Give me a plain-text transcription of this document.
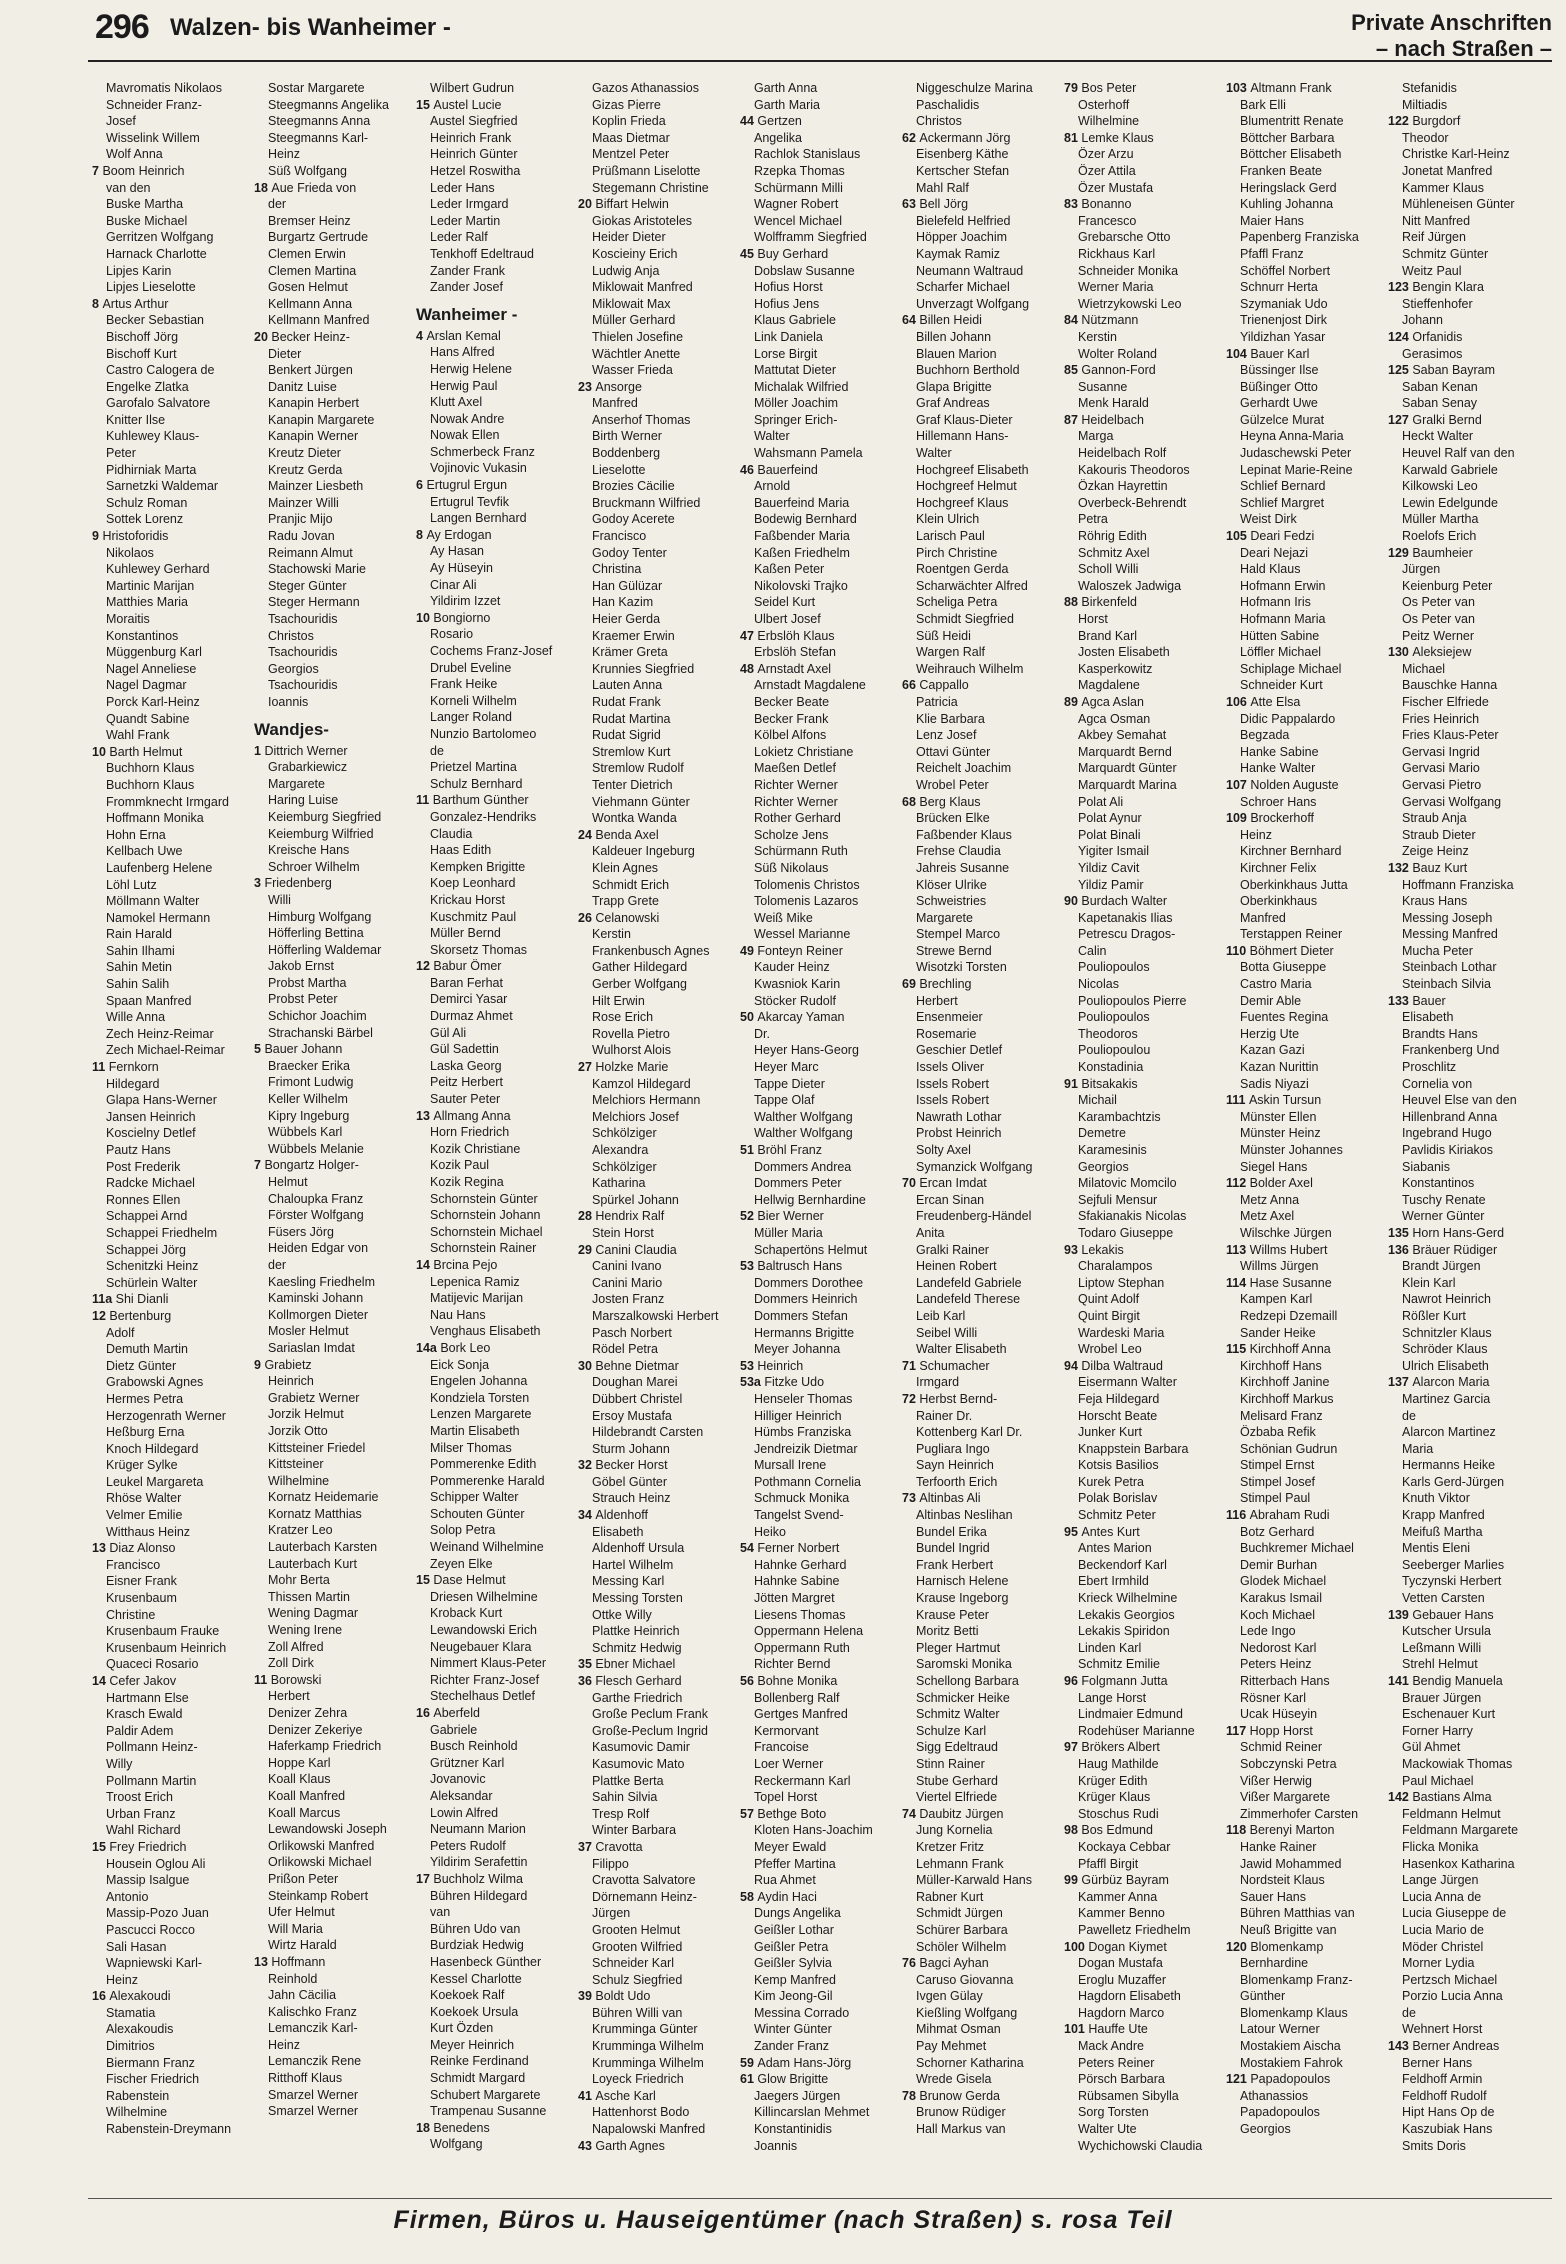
296 Walzen- bis Wanheimer -	Private Anschriften
– nach Straßen –
Mavromatis Nikolaos
Schneider Franz-
Josef
Wisselink Willem
Wolf Anna
7 Boom Heinrich
van den
Buske Martha
Buske Michael
Gerritzen Wolfgang
Harnack Charlotte
Lipjes Karin
Lipjes Lieselotte
8 Artus Arthur
Becker Sebastian
Bischoff Jörg
Bischoff Kurt
Castro Calogera de
Engelke Zlatka
Garofalo Salvatore
Knitter Ilse
Kuhlewey Klaus-
Peter
Pidhirniak Marta
Sarnetzki Waldemar
Schulz Roman
Sottek Lorenz
9 Hristoforidis
Nikolaos
Kuhlewey Gerhard
Martinic Marijan
Matthies Maria
Moraitis
Konstantinos
Müggenburg Karl
Nagel Anneliese
Nagel Dagmar
Porck Karl-Heinz
Quandt Sabine
Wahl Frank
10 Barth Helmut
Buchhorn Klaus
Buchhorn Klaus
Frommknecht Irmgard
Hoffmann Monika
Hohn Erna
Kellbach Uwe
Laufenberg Helene
Löhl Lutz
Möllmann Walter
Namokel Hermann
Rain Harald
Sahin Ilhami
Sahin Metin
Sahin Salih
Spaan Manfred
Wille Anna
Zech Heinz-Reimar
Zech Michael-Reimar
11 Fernkorn
Hildegard
Glapa Hans-Werner
Jansen Heinrich
Koscielny Detlef
Pautz Hans
Post Frederik
Radcke Michael
Ronnes Ellen
Schappei Arnd
Schappei Friedhelm
Schappei Jörg
Schenitzki Heinz
Schürlein Walter
11a Shi Dianli
12 Bertenburg
Adolf
Demuth Martin
Dietz Günter
Grabowski Agnes
Hermes Petra
Herzogenrath Werner
Heßburg Erna
Knoch Hildegard
Krüger Sylke
Leukel Margareta
Rhöse Walter
Velmer Emilie
Witthaus Heinz
13 Diaz Alonso
Francisco
Eisner Frank
Krusenbaum
Christine
Krusenbaum Frauke
Krusenbaum Heinrich
Quaceci Rosario
14 Cefer Jakov
Hartmann Else
Krasch Ewald
Paldir Adem
Pollmann Heinz-
Willy
Pollmann Martin
Troost Erich
Urban Franz
Wahl Richard
15 Frey Friedrich
Housein Oglou Ali
Massip Isalgue
Antonio
Massip-Pozo Juan
Pascucci Rocco
Sali Hasan
Wapniewski Karl-
Heinz
16 Alexakoudi
Stamatia
Alexakoudis
Dimitrios
Biermann Franz
Fischer Friedrich
Rabenstein
Wilhelmine
Rabenstein-Dreymann
Sostar Margarete
Steegmanns Angelika
Steegmanns Anna
Steegmanns Karl-
Heinz
Süß Wolfgang
18 Aue Frieda von
der
Bremser Heinz
Burgartz Gertrude
Clemen Erwin
Clemen Martina
Gosen Helmut
Kellmann Anna
Kellmann Manfred
20 Becker Heinz-
Dieter
Benkert Jürgen
Danitz Luise
Kanapin Herbert
Kanapin Margarete
Kanapin Werner
Kreutz Dieter
Kreutz Gerda
Mainzer Liesbeth
Mainzer Willi
Pranjic Mijo
Radu Jovan
Reimann Almut
Stachowski Marie
Steger Günter
Steger Hermann
Tsachouridis
Christos
Tsachouridis
Georgios
Tsachouridis
Ioannis
Wandjes-
1 Dittrich Werner
Grabarkiewicz
Margarete
Haring Luise
Keiemburg Siegfried
Keiemburg Wilfried
Kreische Hans
Schroer Wilhelm
3 Friedenberg
Willi
Himburg Wolfgang
Höfferling Bettina
Höfferling Waldemar
Jakob Ernst
Probst Martha
Probst Peter
Schichor Joachim
Strachanski Bärbel
5 Bauer Johann
Braecker Erika
Frimont Ludwig
Keller Wilhelm
Kipry Ingeburg
Wübbels Karl
Wübbels Melanie
7 Bongartz Holger-
Helmut
Chaloupka Franz
Förster Wolfgang
Füsers Jörg
Heiden Edgar von
der
Kaesling Friedhelm
Kaminski Johann
Kollmorgen Dieter
Mosler Helmut
Sariaslan Imdat
9 Grabietz
Heinrich
Grabietz Werner
Jorzik Helmut
Jorzik Otto
Kittsteiner Friedel
Kittsteiner
Wilhelmine
Kornatz Heidemarie
Kornatz Matthias
Kratzer Leo
Lauterbach Karsten
Lauterbach Kurt
Mohr Berta
Thissen Martin
Wening Dagmar
Wening Irene
Zoll Alfred
Zoll Dirk
11 Borowski
Herbert
Denizer Zehra
Denizer Zekeriye
Haferkamp Friedrich
Hoppe Karl
Koall Klaus
Koall Manfred
Koall Marcus
Lewandowski Joseph
Orlikowski Manfred
Orlikowski Michael
Prißon Peter
Steinkamp Robert
Ufer Helmut
Will Maria
Wirtz Harald
13 Hoffmann
Reinhold
Jahn Cäcilia
Kalischko Franz
Lemanczik Karl-
Heinz
Lemanczik Rene
Ritthoff Klaus
Smarzel Werner
Smarzel Werner
Wilbert Gudrun
15 Austel Lucie
Austel Siegfried
Heinrich Frank
Heinrich Günter
Hetzel Roswitha
Leder Hans
Leder Irmgard
Leder Martin
Leder Ralf
Tenkhoff Edeltraud
Zander Frank
Zander Josef
Wanheimer -
4 Arslan Kemal
Hans Alfred
Herwig Helene
Herwig Paul
Klutt Axel
Nowak Andre
Nowak Ellen
Schmerbeck Franz
Vojinovic Vukasin
6 Ertugrul Ergun
Ertugrul Tevfik
Langen Bernhard
8 Ay Erdogan
Ay Hasan
Ay Hüseyin
Cinar Ali
Yildirim Izzet
10 Bongiorno
Rosario
Cochems Franz-Josef
Drubel Eveline
Frank Heike
Korneli Wilhelm
Langer Roland
Nunzio Bartolomeo
de
Prietzel Martina
Schulz Bernhard
11 Barthum Günther
Gonzalez-Hendriks
Claudia
Haas Edith
Kempken Brigitte
Koep Leonhard
Krickau Horst
Kuschmitz Paul
Müller Bernd
Skorsetz Thomas
12 Babur Ömer
Baran Ferhat
Demirci Yasar
Durmaz Ahmet
Gül Ali
Gül Sadettin
Laska Georg
Peitz Herbert
Sauter Peter
13 Allmang Anna
Horn Friedrich
Kozik Christiane
Kozik Paul
Kozik Regina
Schornstein Günter
Schornstein Johann
Schornstein Michael
Schornstein Rainer
14 Brcina Pejo
Lepenica Ramiz
Matijevic Marijan
Nau Hans
Venghaus Elisabeth
14a Bork Leo
Eick Sonja
Engelen Johanna
Kondziela Torsten
Lenzen Margarete
Martin Elisabeth
Milser Thomas
Pommerenke Edith
Pommerenke Harald
Schipper Walter
Schouten Günter
Solop Petra
Weinand Wilhelmine
Zeyen Elke
15 Dase Helmut
Driesen Wilhelmine
Kroback Kurt
Lewandowski Erich
Neugebauer Klara
Nimmert Klaus-Peter
Richter Franz-Josef
Stechelhaus Detlef
16 Aberfeld
Gabriele
Busch Reinhold
Grützner Karl
Jovanovic
Aleksandar
Lowin Alfred
Neumann Marion
Peters Rudolf
Yildirim Serafettin
17 Buchholz Wilma
Bühren Hildegard
van
Bühren Udo van
Burdziak Hedwig
Hasenbeck Günther
Kessel Charlotte
Koekoek Ralf
Koekoek Ursula
Kurt Özden
Meyer Heinrich
Reinke Ferdinand
Schmidt Margard
Schubert Margarete
Trampenau Susanne
18 Benedens
Wolfgang
Gazos Athanassios
Gizas Pierre
Koplin Frieda
Maas Dietmar
Mentzel Peter
Prüßmann Liselotte
Stegemann Christine
20 Biffart Helwin
Giokas Aristoteles
Heider Dieter
Koscieiny Erich
Ludwig Anja
Miklowait Manfred
Miklowait Max
Müller Gerhard
Thielen Josefine
Wächtler Anette
Wasser Frieda
23 Ansorge
Manfred
Anserhof Thomas
Birth Werner
Boddenberg
Lieselotte
Brozies Cäcilie
Bruckmann Wilfried
Godoy Acerete
Francisco
Godoy Tenter
Christina
Han Gülüzar
Han Kazim
Heier Gerda
Kraemer Erwin
Krämer Greta
Krunnies Siegfried
Lauten Anna
Rudat Frank
Rudat Martina
Rudat Sigrid
Stremlow Kurt
Stremlow Rudolf
Tenter Dietrich
Viehmann Günter
Wontka Wanda
24 Benda Axel
Kaldeuer Ingeburg
Klein Agnes
Schmidt Erich
Trapp Grete
26 Celanowski
Kerstin
Frankenbusch Agnes
Gather Hildegard
Gerber Wolfgang
Hilt Erwin
Rose Erich
Rovella Pietro
Wulhorst Alois
27 Holzke Marie
Kamzol Hildegard
Melchiors Hermann
Melchiors Josef
Schkölziger
Alexandra
Schkölziger
Katharina
Spürkel Johann
28 Hendrix Ralf
Stein Horst
29 Canini Claudia
Canini Ivano
Canini Mario
Josten Franz
Marszalkowski Herbert
Pasch Norbert
Rödel Petra
30 Behne Dietmar
Doughan Marei
Dübbert Christel
Ersoy Mustafa
Hildebrandt Carsten
Sturm Johann
32 Becker Horst
Göbel Günter
Strauch Heinz
34 Aldenhoff
Elisabeth
Aldenhoff Ursula
Hartel Wilhelm
Messing Karl
Messing Torsten
Ottke Willy
Plattke Heinrich
Schmitz Hedwig
35 Ebner Michael
36 Flesch Gerhard
Garthe Friedrich
Große Peclum Frank
Große-Peclum Ingrid
Kasumovic Damir
Kasumovic Mato
Plattke Berta
Sahin Silvia
Tresp Rolf
Winter Barbara
37 Cravotta
Filippo
Cravotta Salvatore
Dörnemann Heinz-
Jürgen
Grooten Helmut
Grooten Wilfried
Schneider Karl
Schulz Siegfried
39 Boldt Udo
Bühren Willi van
Krumminga Günter
Krumminga Wilhelm
Krumminga Wilhelm
Loyeck Friedrich
41 Asche Karl
Hattenhorst Bodo
Napalowski Manfred
43 Garth Agnes
Garth Anna
Garth Maria
44 Gertzen
Angelika
Rachlok Stanislaus
Rzepka Thomas
Schürmann Milli
Wagner Robert
Wencel Michael
Wolfframm Siegfried
45 Buy Gerhard
Dobslaw Susanne
Hofius Horst
Hofius Jens
Klaus Gabriele
Link Daniela
Lorse Birgit
Mattutat Dieter
Michalak Wilfried
Möller Joachim
Springer Erich-
Walter
Wahsmann Pamela
46 Bauerfeind
Arnold
Bauerfeind Maria
Bodewig Bernhard
Faßbender Maria
Kaßen Friedhelm
Kaßen Peter
Nikolovski Trajko
Seidel Kurt
Ulbert Josef
47 Erbslöh Klaus
Erbslöh Stefan
48 Arnstadt Axel
Arnstadt Magdalene
Becker Beate
Becker Frank
Kölbel Alfons
Lokietz Christiane
Maeßen Detlef
Richter Werner
Richter Werner
Rother Gerhard
Scholze Jens
Schürmann Ruth
Süß Nikolaus
Tolomenis Christos
Tolomenis Lazaros
Weiß Mike
Wessel Marianne
49 Fonteyn Reiner
Kauder Heinz
Kwasniok Karin
Stöcker Rudolf
50 Akarcay Yaman
Dr.
Heyer Hans-Georg
Heyer Marc
Tappe Dieter
Tappe Olaf
Walther Wolfgang
Walther Wolfgang
51 Bröhl Franz
Dommers Andrea
Dommers Peter
Hellwig Bernhardine
52 Bier Werner
Müller Maria
Schapertöns Helmut
53 Baltrusch Hans
Dommers Dorothee
Dommers Heinrich
Dommers Stefan
Hermanns Brigitte
Meyer Johanna
53 Heinrich
53a Fitzke Udo
Henseler Thomas
Hilliger Heinrich
Hümbs Franziska
Jendreizik Dietmar
Mursall Irene
Pothmann Cornelia
Schmuck Monika
Tangelst Svend-
Heiko
54 Ferner Norbert
Hahnke Gerhard
Hahnke Sabine
Jötten Margret
Liesens Thomas
Oppermann Helena
Oppermann Ruth
Richter Bernd
56 Bohne Monika
Bollenberg Ralf
Gertges Manfred
Kermorvant
Francoise
Loer Werner
Reckermann Karl
Topel Horst
57 Bethge Boto
Kloten Hans-Joachim
Meyer Ewald
Pfeffer Martina
Rua Ahmet
58 Aydin Haci
Dungs Angelika
Geißler Lothar
Geißler Petra
Geißler Sylvia
Kemp Manfred
Kim Jeong-Gil
Messina Corrado
Winter Günter
Zander Franz
59 Adam Hans-Jörg
61 Glow Brigitte
Jaegers Jürgen
Killincarslan Mehmet
Konstantinidis
Joannis
Niggeschulze Marina
Paschalidis
Christos
62 Ackermann Jörg
Eisenberg Käthe
Kertscher Stefan
Mahl Ralf
63 Bell Jörg
Bielefeld Helfried
Höpper Joachim
Kaymak Ramiz
Neumann Waltraud
Scharfer Michael
Unverzagt Wolfgang
64 Billen Heidi
Billen Johann
Blauen Marion
Buchhorn Berthold
Glapa Brigitte
Graf Andreas
Graf Klaus-Dieter
Hillemann Hans-
Walter
Hochgreef Elisabeth
Hochgreef Helmut
Hochgreef Klaus
Klein Ulrich
Larisch Paul
Pirch Christine
Roentgen Gerda
Scharwächter Alfred
Scheliga Petra
Schmidt Siegfried
Süß Heidi
Wargen Ralf
Weihrauch Wilhelm
66 Cappallo
Patricia
Klie Barbara
Lenz Josef
Ottavi Günter
Reichelt Joachim
Wrobel Peter
68 Berg Klaus
Brücken Elke
Faßbender Klaus
Frehse Claudia
Jahreis Susanne
Klöser Ulrike
Schweistries
Margarete
Stempel Marco
Strewe Bernd
Wisotzki Torsten
69 Brechling
Herbert
Ensenmeier
Rosemarie
Geschier Detlef
Issels Oliver
Issels Robert
Issels Robert
Nawrath Lothar
Probst Heinrich
Solty Axel
Symanzick Wolfgang
70 Ercan Imdat
Ercan Sinan
Freudenberg-Händel
Anita
Gralki Rainer
Heinen Robert
Landefeld Gabriele
Landefeld Therese
Leib Karl
Seibel Willi
Walter Elisabeth
71 Schumacher
Irmgard
72 Herbst Bernd-
Rainer Dr.
Kottenberg Karl Dr.
Pugliara Ingo
Sayn Heinrich
Terfoorth Erich
73 Altinbas Ali
Altinbas Neslihan
Bundel Erika
Bundel Ingrid
Frank Herbert
Harnisch Helene
Krause Ingeborg
Krause Peter
Moritz Betti
Pleger Hartmut
Saromski Monika
Schellong Barbara
Schmicker Heike
Schmitz Walter
Schulze Karl
Sigg Edeltraud
Stinn Rainer
Stube Gerhard
Viertel Elfriede
74 Daubitz Jürgen
Jung Kornelia
Kretzer Fritz
Lehmann Frank
Müller-Karwald Hans
Rabner Kurt
Schmidt Jürgen
Schürer Barbara
Schöler Wilhelm
76 Bagci Ayhan
Caruso Giovanna
Ivgen Gülay
Kießling Wolfgang
Mihmat Osman
Pay Mehmet
Schorner Katharina
Wrede Gisela
78 Brunow Gerda
Brunow Rüdiger
Hall Markus van
79 Bos Peter
Osterhoff
Wilhelmine
81 Lemke Klaus
Özer Arzu
Özer Attila
Özer Mustafa
83 Bonanno
Francesco
Grebarsche Otto
Rickhaus Karl
Schneider Monika
Werner Maria
Wietrzykowski Leo
84 Nützmann
Kerstin
Wolter Roland
85 Gannon-Ford
Susanne
Menk Harald
87 Heidelbach
Marga
Heidelbach Rolf
Kakouris Theodoros
Özkan Hayrettin
Overbeck-Behrendt
Petra
Röhrig Edith
Schmitz Axel
Scholl Willi
Waloszek Jadwiga
88 Birkenfeld
Horst
Brand Karl
Josten Elisabeth
Kasperkowitz
Magdalene
89 Agca Aslan
Agca Osman
Akbey Semahat
Marquardt Bernd
Marquardt Günter
Marquardt Marina
Polat Ali
Polat Aynur
Polat Binali
Yigiter Ismail
Yildiz Cavit
Yildiz Pamir
90 Burdach Walter
Kapetanakis Ilias
Petrescu Dragos-
Calin
Pouliopoulos
Nicolas
Pouliopoulos Pierre
Pouliopoulos
Theodoros
Pouliopoulou
Konstadinia
91 Bitsakakis
Michail
Karambachtzis
Demetre
Karamesinis
Georgios
Milatovic Momcilo
Sejfuli Mensur
Sfakianakis Nicolas
Todaro Giuseppe
93 Lekakis
Charalampos
Liptow Stephan
Quint Adolf
Quint Birgit
Wardeski Maria
Wrobel Leo
94 Dilba Waltraud
Eisermann Walter
Feja Hildegard
Horscht Beate
Junker Kurt
Knappstein Barbara
Kotsis Basilios
Kurek Petra
Polak Borislav
Schmitz Peter
95 Antes Kurt
Antes Marion
Beckendorf Karl
Ebert Irmhild
Krieck Wilhelmine
Lekakis Georgios
Lekakis Spiridon
Linden Karl
Schmitz Emilie
96 Folgmann Jutta
Lange Horst
Lindmaier Edmund
Rodehüser Marianne
97 Brökers Albert
Haug Mathilde
Krüger Edith
Krüger Klaus
Stoschus Rudi
98 Bos Edmund
Kockaya Cebbar
Pfaffl Birgit
99 Gürbüz Bayram
Kammer Anna
Kammer Benno
Pawelletz Friedhelm
100 Dogan Kiymet
Dogan Mustafa
Eroglu Muzaffer
Hagdorn Elisabeth
Hagdorn Marco
101 Hauffe Ute
Mack Andre
Peters Reiner
Pörsch Barbara
Rübsamen Sibylla
Sorg Torsten
Walter Ute
Wychichowski Claudia
103 Altmann Frank
Bark Elli
Blumentritt Renate
Böttcher Barbara
Böttcher Elisabeth
Franken Beate
Heringslack Gerd
Kuhling Johanna
Maier Hans
Papenberg Franziska
Pfaffl Franz
Schöffel Norbert
Schnurr Herta
Szymaniak Udo
Trienenjost Dirk
Yildizhan Yasar
104 Bauer Karl
Büssinger Ilse
Büßinger Otto
Gerhardt Uwe
Gülzelce Murat
Heyna Anna-Maria
Judaschewski Peter
Lepinat Marie-Reine
Schlief Bernard
Schlief Margret
Weist Dirk
105 Deari Fedzi
Deari Nejazi
Hald Klaus
Hofmann Erwin
Hofmann Iris
Hofmann Maria
Hütten Sabine
Löffler Michael
Schiplage Michael
Schneider Kurt
106 Atte Elsa
Didic Pappalardo
Begzada
Hanke Sabine
Hanke Walter
107 Nolden Auguste
Schroer Hans
109 Brockerhoff
Heinz
Kirchner Bernhard
Kirchner Felix
Oberkinkhaus Jutta
Oberkinkhaus
Manfred
Terstappen Reiner
110 Böhmert Dieter
Botta Giuseppe
Castro Maria
Demir Able
Fuentes Regina
Herzig Ute
Kazan Gazi
Kazan Nurittin
Sadis Niyazi
111 Askin Tursun
Münster Ellen
Münster Heinz
Münster Johannes
Siegel Hans
112 Bolder Axel
Metz Anna
Metz Axel
Wilschke Jürgen
113 Willms Hubert
Willms Jürgen
114 Hase Susanne
Kampen Karl
Redzepi Dzemaill
Sander Heike
115 Kirchhoff Anna
Kirchhoff Hans
Kirchhoff Janine
Kirchhoff Markus
Melisard Franz
Özbaba Refik
Schönian Gudrun
Stimpel Ernst
Stimpel Josef
Stimpel Paul
116 Abraham Rudi
Botz Gerhard
Buchkremer Michael
Demir Burhan
Glodek Michael
Karakus Ismail
Koch Michael
Lede Ingo
Nedorost Karl
Peters Heinz
Ritterbach Hans
Rösner Karl
Ucak Hüseyin
117 Hopp Horst
Schmid Reiner
Sobczynski Petra
Vißer Herwig
Vißer Margarete
Zimmerhofer Carsten
118 Berenyi Marton
Hanke Rainer
Jawid Mohammed
Nordsteit Klaus
Sauer Hans
Bühren Matthias van
Neuß Brigitte van
120 Blomenkamp
Bernhardine
Blomenkamp Franz-
Günther
Blomenkamp Klaus
Latour Werner
Mostakiem Aischa
Mostakiem Fahrok
121 Papadopoulos
Athanassios
Papadopoulos
Georgios
Stefanidis
Miltiadis
122 Burgdorf
Theodor
Christke Karl-Heinz
Jonetat Manfred
Kammer Klaus
Mühleneisen Günter
Nitt Manfred
Reif Jürgen
Schmitz Günter
Weitz Paul
123 Bengin Klara
Stieffenhofer
Johann
124 Orfanidis
Gerasimos
125 Saban Bayram
Saban Kenan
Saban Senay
127 Gralki Bernd
Heckt Walter
Heuvel Ralf van den
Karwald Gabriele
Kilkowski Leo
Lewin Edelgunde
Müller Martha
Roelofs Erich
129 Baumheier
Jürgen
Keienburg Peter
Os Peter van
Os Peter van
Peitz Werner
130 Aleksiejew
Michael
Bauschke Hanna
Fischer Elfriede
Fries Heinrich
Fries Klaus-Peter
Gervasi Ingrid
Gervasi Mario
Gervasi Pietro
Gervasi Wolfgang
Straub Anja
Straub Dieter
Zeige Heinz
132 Bauz Kurt
Hoffmann Franziska
Kraus Hans
Messing Joseph
Messing Manfred
Mucha Peter
Steinbach Lothar
Steinbach Silvia
133 Bauer
Elisabeth
Brandts Hans
Frankenberg Und
Proschlitz
Cornelia von
Heuvel Else van den
Hillenbrand Anna
Ingebrand Hugo
Pavlidis Kiriakos
Siabanis
Konstantinos
Tuschy Renate
Werner Günter
135 Horn Hans-Gerd
136 Bräuer Rüdiger
Brandt Jürgen
Klein Karl
Nawrot Heinrich
Rößler Kurt
Schnitzler Klaus
Schröder Klaus
Ulrich Elisabeth
137 Alarcon Maria
Martinez Garcia
de
Alarcon Martinez
Maria
Hermanns Heike
Karls Gerd-Jürgen
Knuth Viktor
Krapp Manfred
Meifuß Martha
Mentis Eleni
Seeberger Marlies
Tyczynski Herbert
Vetten Carsten
139 Gebauer Hans
Kutscher Ursula
Leßmann Willi
Strehl Helmut
141 Bendig Manuela
Brauer Jürgen
Eschenauer Kurt
Forner Harry
Gül Ahmet
Mackowiak Thomas
Paul Michael
142 Bastians Alma
Feldmann Helmut
Feldmann Margarete
Flicka Monika
Hasenkox Katharina
Lange Jürgen
Lucia Anna de
Lucia Giuseppe de
Lucia Mario de
Möder Christel
Morner Lydia
Pertzsch Michael
Porzio Lucia Anna
de
Wehnert Horst
143 Berner Andreas
Berner Hans
Feldhoff Armin
Feldhoff Rudolf
Hipt Hans Op de
Kaszubiak Hans
Smits Doris
Firmen, Büros u. Hauseigentümer (nach Straßen) s. rosa Teil
